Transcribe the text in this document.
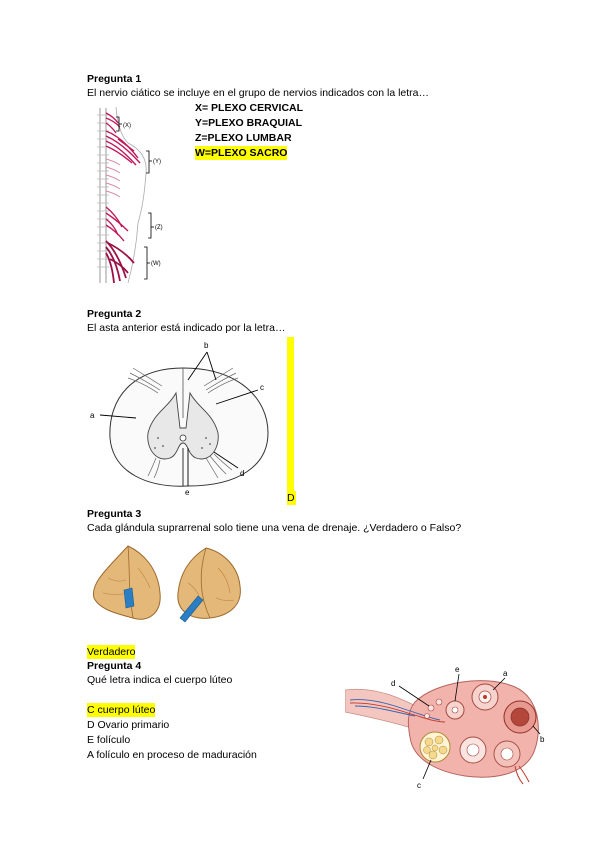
Pregunta 1
El nervio ciático se incluye en el grupo de nervios indicados con la letra…
X= PLEXO CERVICAL
Y=PLEXO BRAQUIAL
Z=PLEXO LUMBAR
W=PLEXO SACRO
(X)
(Y)
(Z)
(W)
Pregunta 2
El asta anterior está indicado por la letra…
D
a
b
c
d
e
Pregunta 3
Cada glándula suprarrenal solo tiene una vena de drenaje. ¿Verdadero o Falso?
Verdadero
Pregunta 4
Qué letra indica el cuerpo lúteo
C cuerpo lúteo
D Ovario primario
E folículo
A folículo en proceso de maduración
d
e	a
b
c
